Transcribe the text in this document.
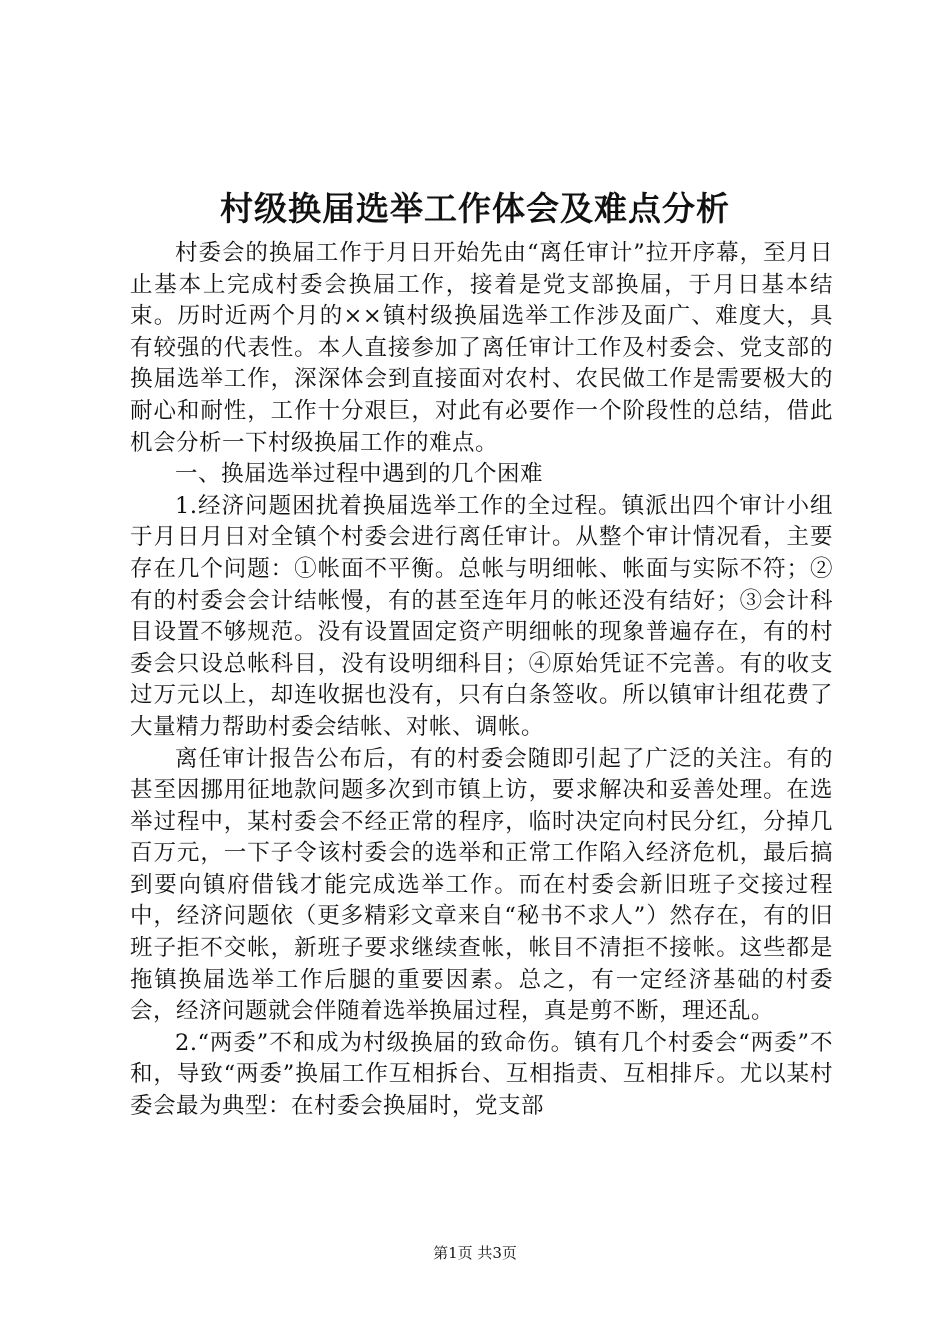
村级换届选举工作体会及难点分析

村委会的换届工作于月日开始先由“离任审计”拉开序幕，至月日止基本上完成村委会换届工作，接着是党支部换届，于月日基本结束。历时近两个月的××镇村级换届选举工作涉及面广、难度大，具有较强的代表性。本人直接参加了离任审计工作及村委会、党支部的换届选举工作，深深体会到直接面对农村、农民做工作是需要极大的耐心和耐性，工作十分艰巨，对此有必要作一个阶段性的总结，借此机会分析一下村级换届工作的难点。

一、换届选举过程中遇到的几个困难

1.经济问题困扰着换届选举工作的全过程。镇派出四个审计小组于月日月日对全镇个村委会进行离任审计。从整个审计情况看，主要存在几个问题：①帐面不平衡。总帐与明细帐、帐面与实际不符；②有的村委会会计结帐慢，有的甚至连年月的帐还没有结好；③会计科目设置不够规范。没有设置固定资产明细帐的现象普遍存在，有的村委会只设总帐科目，没有设明细科目；④原始凭证不完善。有的收支过万元以上，却连收据也没有，只有白条签收。所以镇审计组花费了大量精力帮助村委会结帐、对帐、调帐。

离任审计报告公布后，有的村委会随即引起了广泛的关注。有的甚至因挪用征地款问题多次到市镇上访，要求解决和妥善处理。在选举过程中，某村委会不经正常的程序，临时决定向村民分红，分掉几百万元，一下子令该村委会的选举和正常工作陷入经济危机，最后搞到要向镇府借钱才能完成选举工作。而在村委会新旧班子交接过程中，经济问题依（更多精彩文章来自“秘书不求人”）然存在，有的旧班子拒不交帐，新班子要求继续查帐，帐目不清拒不接帐。这些都是拖镇换届选举工作后腿的重要因素。总之，有一定经济基础的村委会，经济问题就会伴随着选举换届过程，真是剪不断，理还乱。

2.“两委”不和成为村级换届的致命伤。镇有几个村委会“两委”不和，导致“两委”换届工作互相拆台、互相指责、互相排斥。尤以某村委会最为典型：在村委会换届时，党支部

第1页 共3页
